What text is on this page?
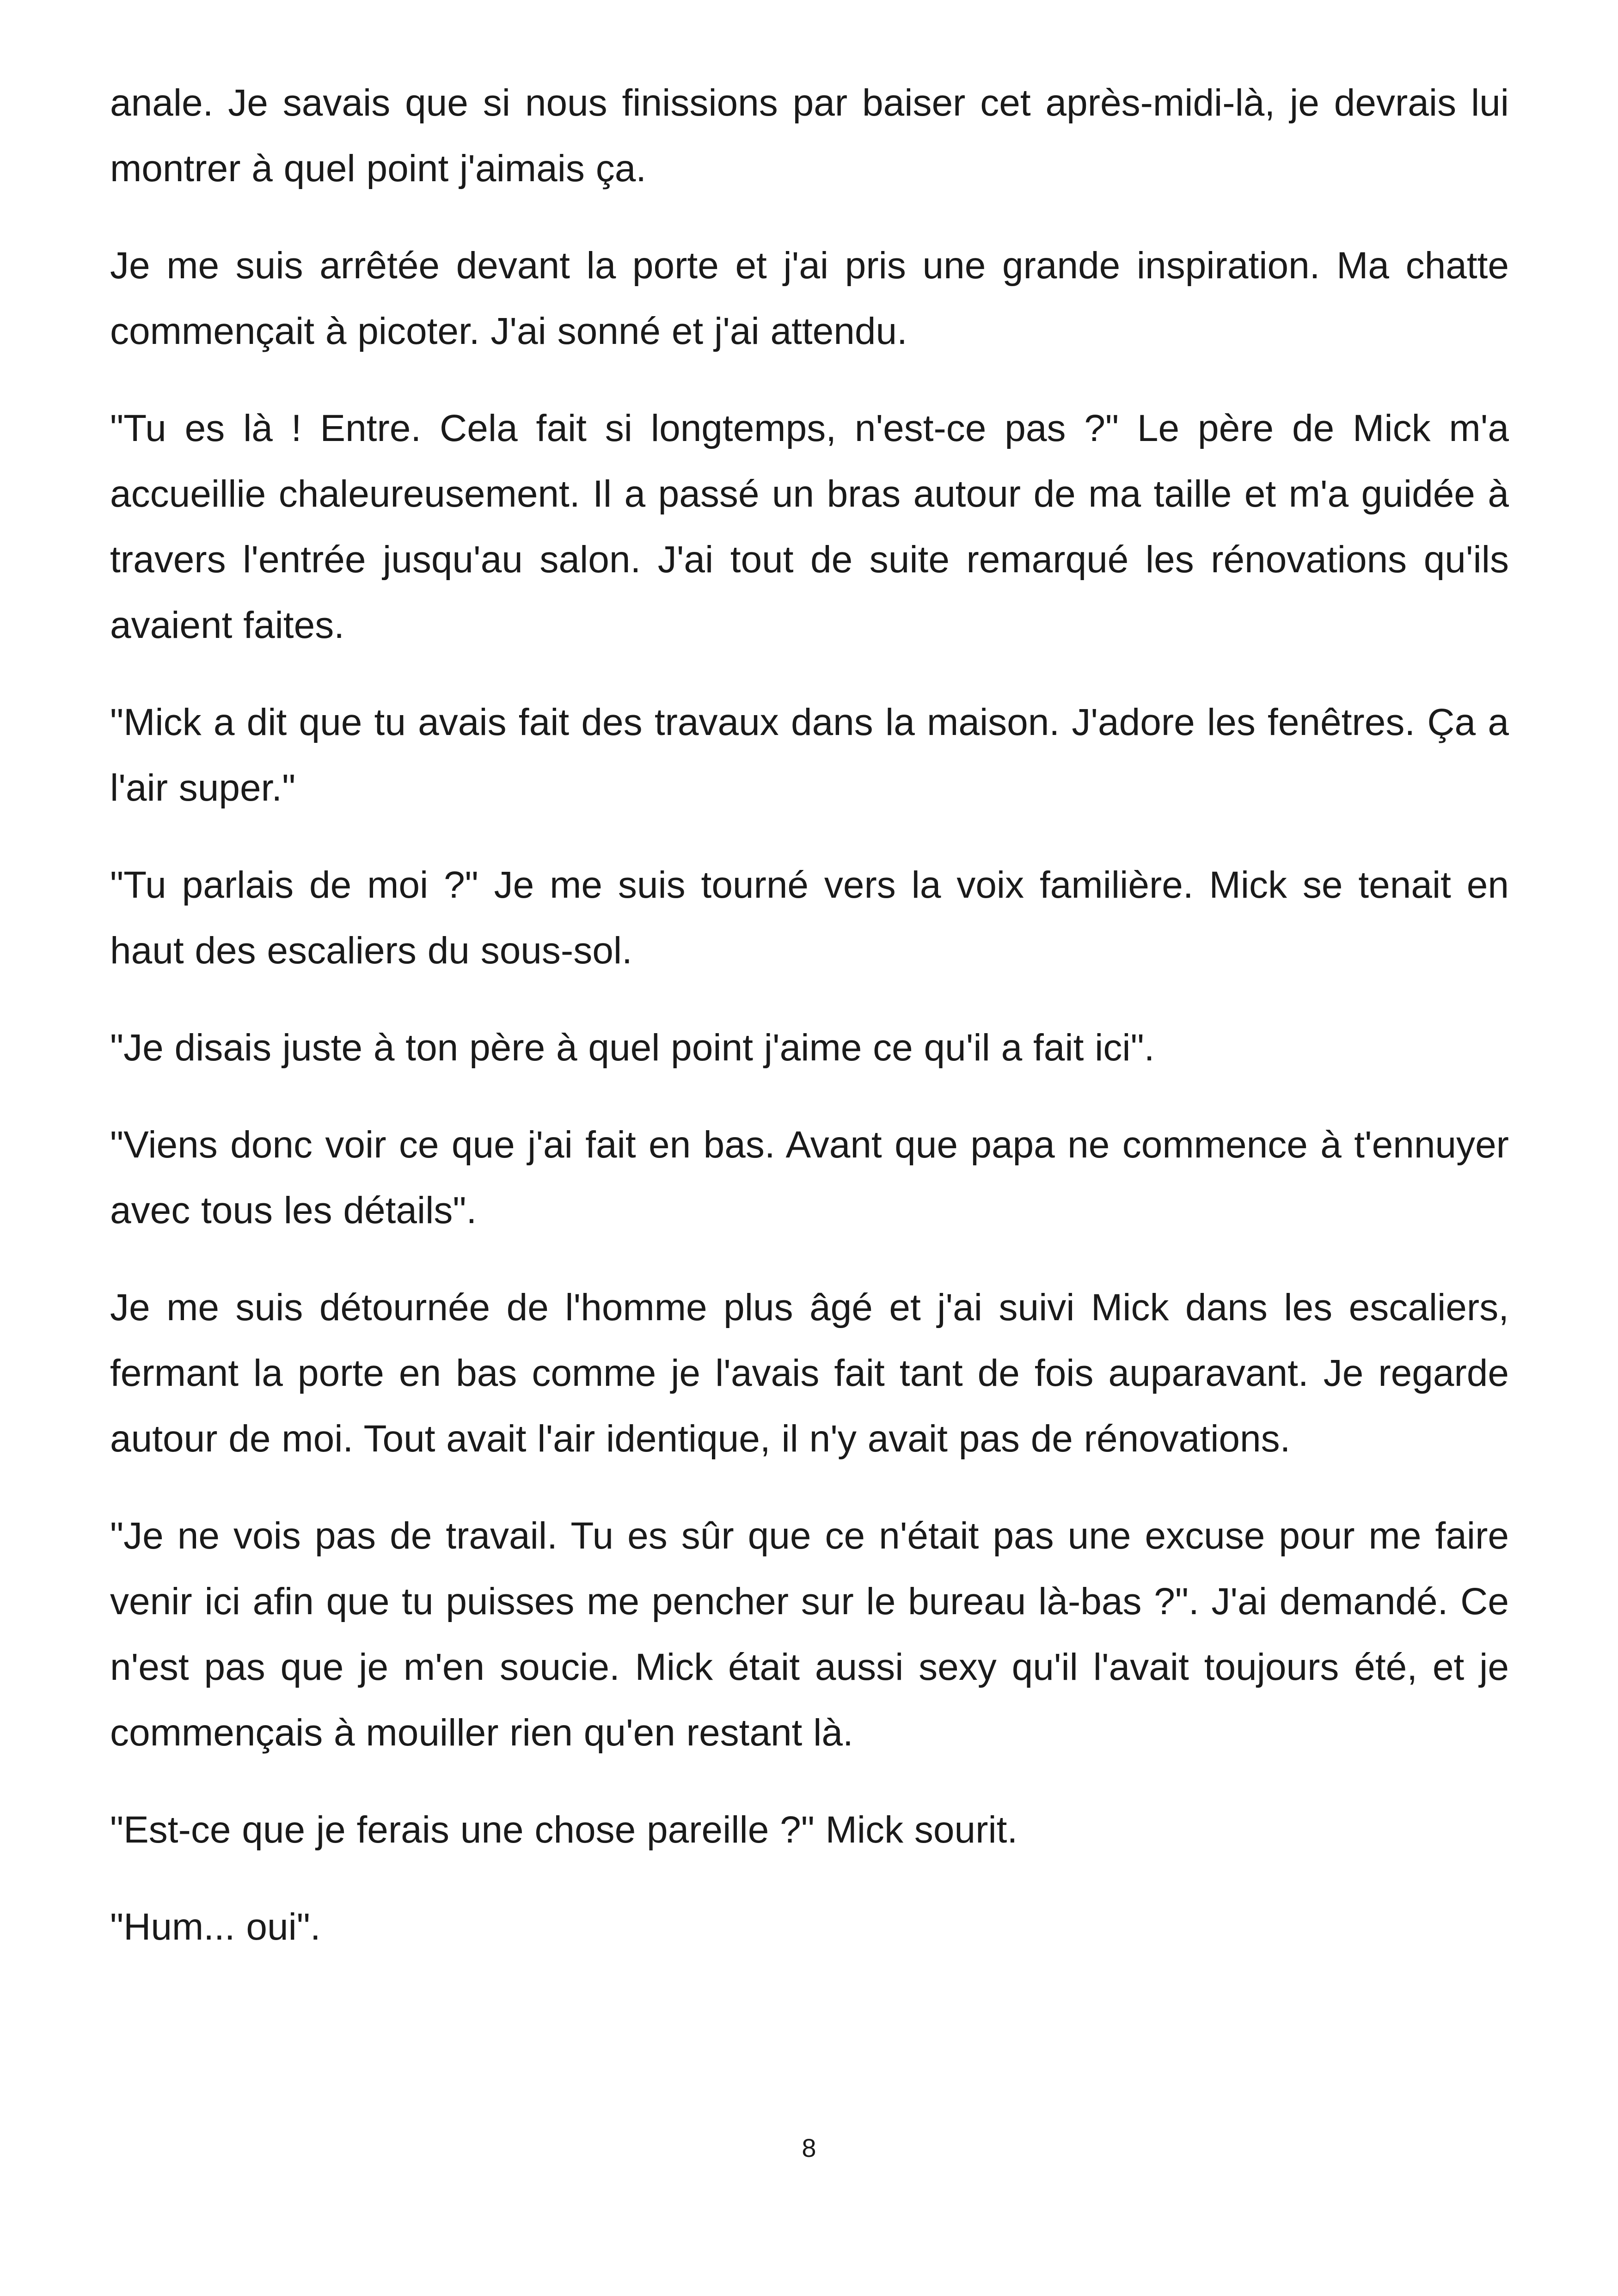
anale. Je savais que si nous finissions par baiser cet après-midi-là, je devrais lui montrer à quel point j'aimais ça.

Je me suis arrêtée devant la porte et j'ai pris une grande inspiration. Ma chatte commençait à picoter. J'ai sonné et j'ai attendu.

"Tu es là ! Entre. Cela fait si longtemps, n'est-ce pas ?" Le père de Mick m'a accueillie chaleureusement. Il a passé un bras autour de ma taille et m'a guidée à travers l'entrée jusqu'au salon. J'ai tout de suite remarqué les rénovations qu'ils avaient faites.

"Mick a dit que tu avais fait des travaux dans la maison. J'adore les fenêtres. Ça a l'air super."

"Tu parlais de moi ?" Je me suis tourné vers la voix familière. Mick se tenait en haut des escaliers du sous-sol.

"Je disais juste à ton père à quel point j'aime ce qu'il a fait ici".

"Viens donc voir ce que j'ai fait en bas. Avant que papa ne commence à t'ennuyer avec tous les détails".

Je me suis détournée de l'homme plus âgé et j'ai suivi Mick dans les escaliers, fermant la porte en bas comme je l'avais fait tant de fois auparavant. Je regarde autour de moi. Tout avait l'air identique, il n'y avait pas de rénovations.

"Je ne vois pas de travail. Tu es sûr que ce n'était pas une excuse pour me faire venir ici afin que tu puisses me pencher sur le bureau là-bas ?". J'ai demandé. Ce n'est pas que je m'en soucie. Mick était aussi sexy qu'il l'avait toujours été, et je commençais à mouiller rien qu'en restant là.

"Est-ce que je ferais une chose pareille ?" Mick sourit.

"Hum... oui".

8
